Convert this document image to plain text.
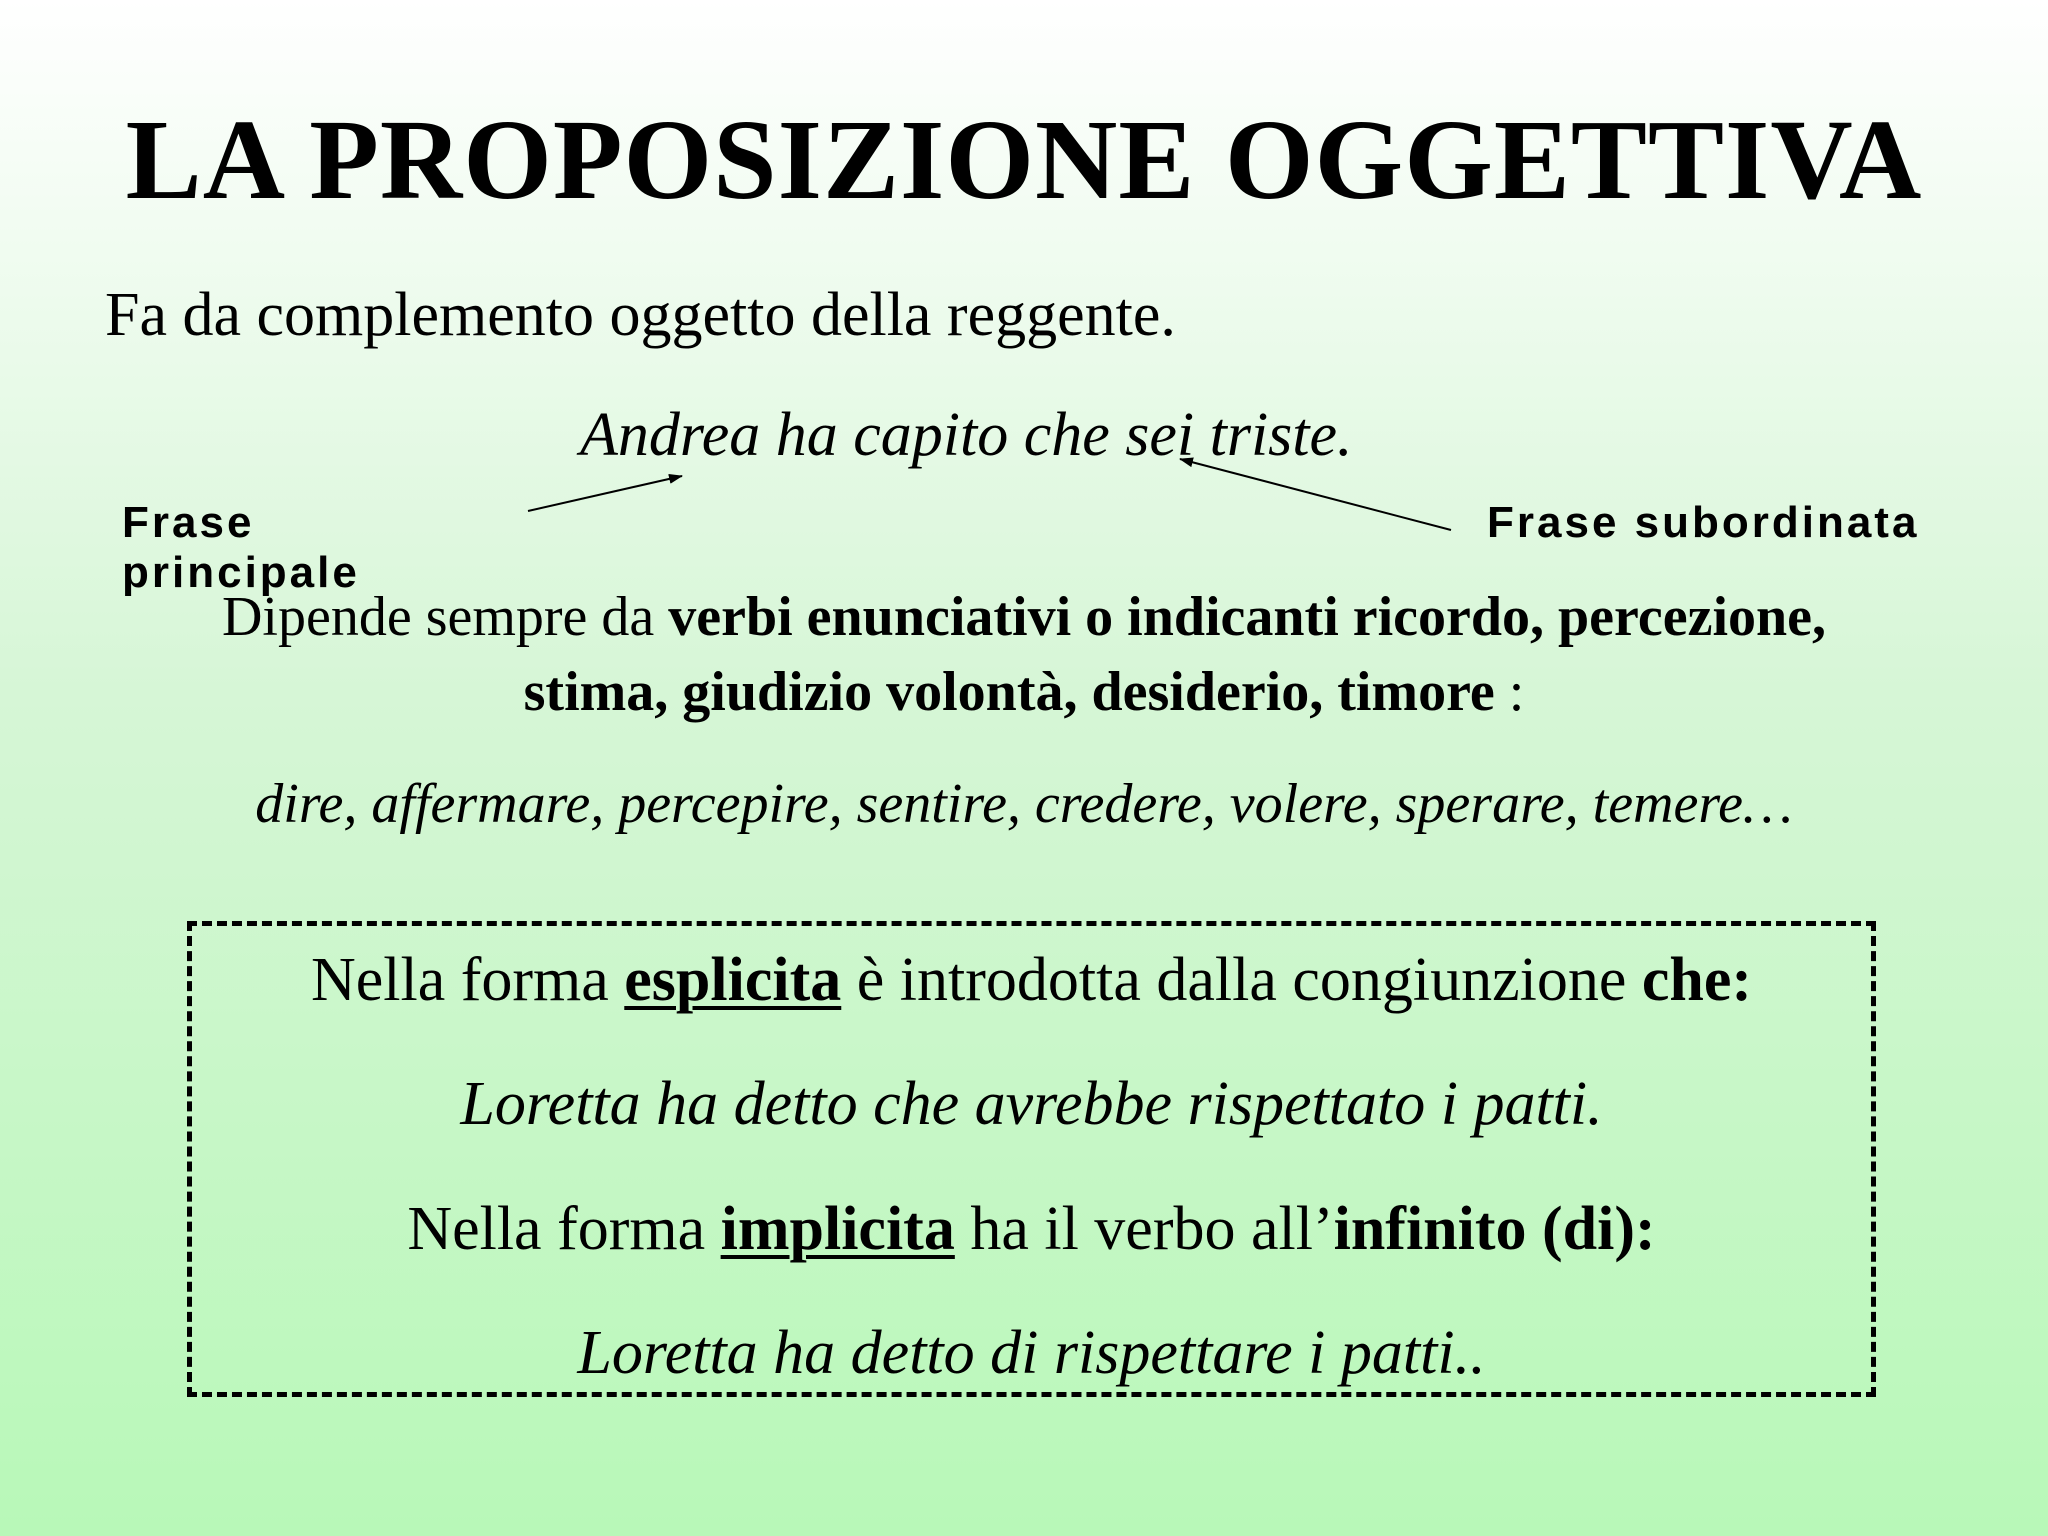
LA PROPOSIZIONE OGGETTIVA
Fa da complemento oggetto della reggente.
Andrea ha capito che sei triste.
Frase principale
Frase subordinata
Dipende sempre da verbi enunciativi o indicanti ricordo, percezione,
stima, giudizio volontà, desiderio, timore :
dire, affermare, percepire, sentire, credere, volere, sperare, temere…
Nella forma esplicita è introdotta dalla congiunzione che:
Loretta ha detto che avrebbe rispettato i patti.
Nella forma implicita ha il verbo all’infinito (di):
Loretta ha detto di rispettare i patti..
